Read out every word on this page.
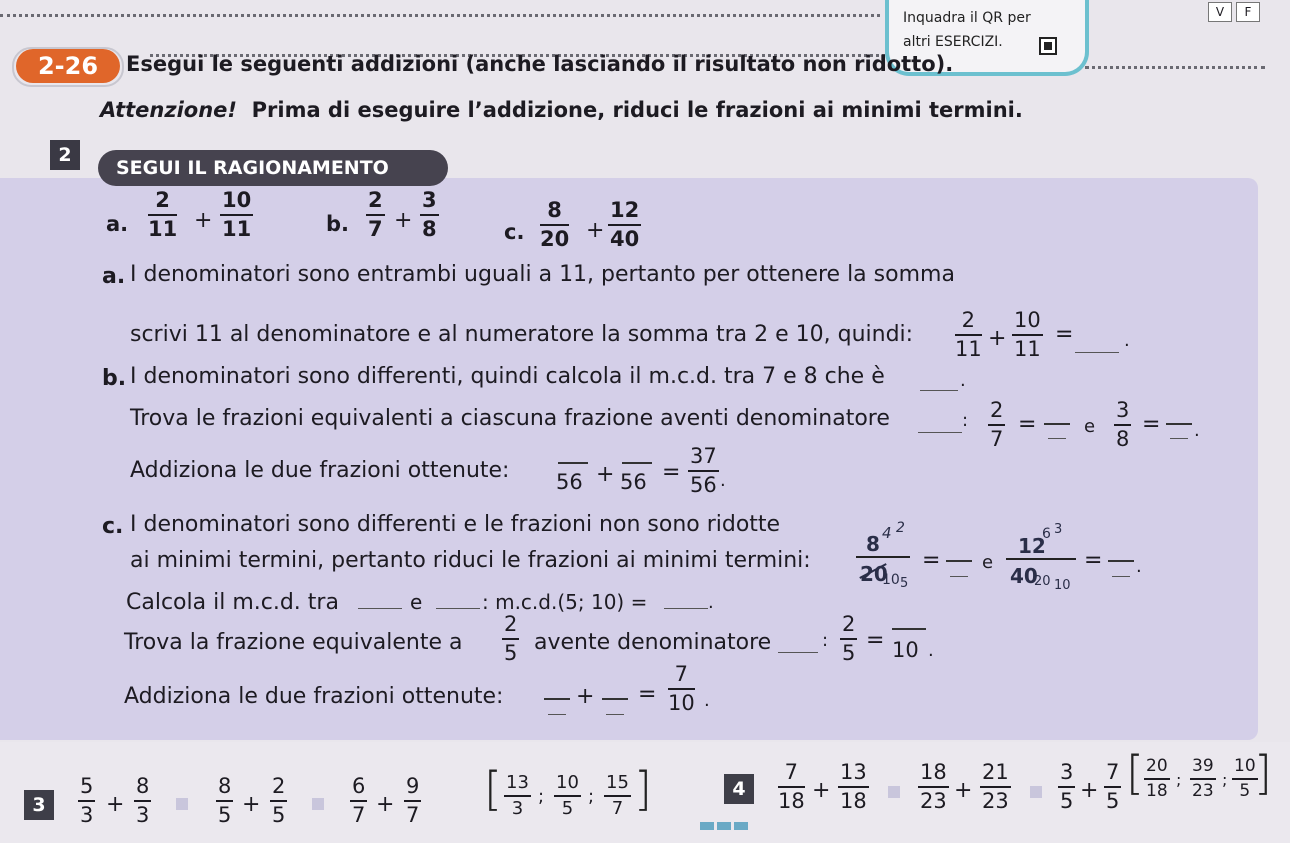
Inquadra il QR per
altri ESERCIZI.
V	F
2-26	Esegui le seguenti addizioni (anche lasciando il risultato non ridotto).
Attenzione! Prima di eseguire l’addizione, riduci le frazioni ai minimi termini.
2
SEGUI IL RAGIONAMENTO
a. $\frac{2}{11} + \frac{10}{11}$	b. $\frac{2}{7} + \frac{3}{8}$	c. $\frac{8}{20} + \frac{12}{40}$
a. I denominatori sono entrambi uguali a 11, pertanto per ottenere la somma
scrivi 11 al denominatore e al numeratore la somma tra 2 e 10, quindi: $\frac{2}{11} + \frac{10}{11}$ =	.
b. I denominatori sono differenti, quindi calcola il m.c.d. tra 7 e 8 che è	.
Trova le frazioni equivalenti a ciascuna frazione aventi denominatore	: $\frac{2}{7}$ =	e $\frac{3}{8}$ = .
Addiziona le due frazioni ottenute: $56 + 56 = \frac{37}{56}$ .
c. I denominatori sono differenti e le frazioni non sono ridotte
ai minimi termini, pertanto riduci le frazioni ai minimi termini:
8 4 2
20
10 5
= e
12
6 3
40
20 10
= .
Calcola il m.c.d. tra	e	: m.c.d.(5; 10) =	.
Trova la frazione equivalente a $\frac{2}{5}$ avente denominatore	: $\frac{2}{5} = 10$ .
Addiziona le due frazioni ottenute:	+ = $\frac{7}{10}$ .
3	$\frac{5}{3} + \frac{8}{3}$	$\frac{8}{5} + \frac{2}{5}$	$\frac{6}{7} + \frac{9}{7}$ [ $\frac{13}{3}$ ; $\frac{10}{5}$ ; $\frac{15}{7}$ ]	4	$\frac{7}{18} + \frac{13}{18} \frac{18}{23} + \frac{21}{23} \frac{3}{5} + \frac{7}{5}$ [ $\frac{20}{18}$ ; $\frac{39}{23}$ ; $\frac{10}{5}$
]
